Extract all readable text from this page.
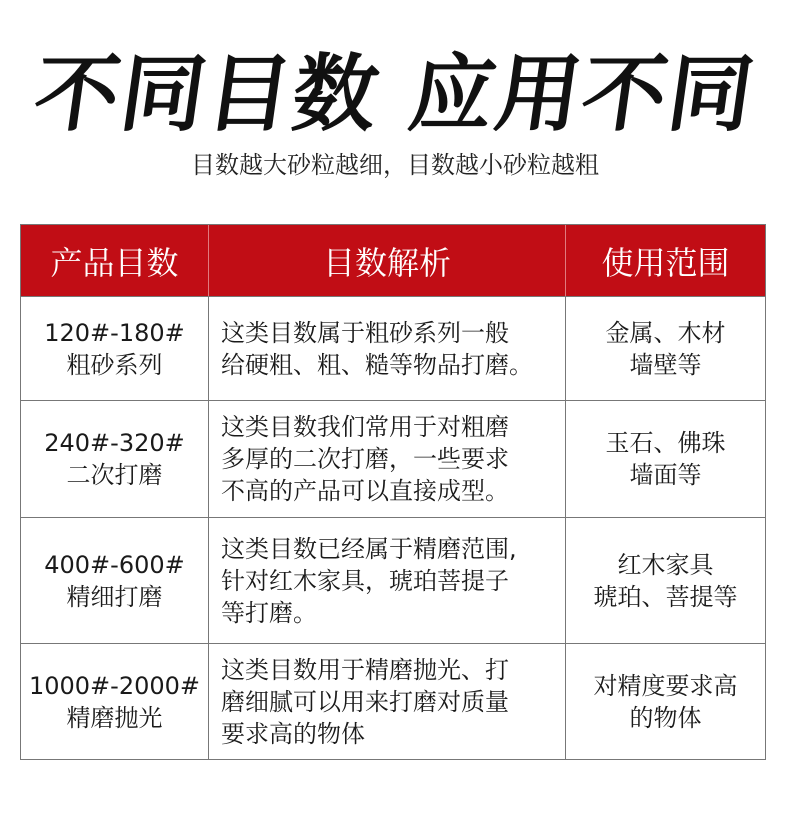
不同目数 应用不同
目数越大砂粒越细，目数越小砂粒越粗
产品目数	目数解析	使用范围
120#-180#
粗砂系列
这类目数属于粗砂系列一般
给硬粗、粗、糙等物品打磨。
金属、木材
墙壁等
240#-320#
二次打磨
这类目数我们常用于对粗磨
多厚的二次打磨，一些要求
不高的产品可以直接成型。
玉石、佛珠
墙面等
400#-600#
精细打磨
这类目数已经属于精磨范围,
针对红木家具，琥珀菩提子
等打磨。
红木家具
琥珀、菩提等
1000#-2000#
精磨抛光
这类目数用于精磨抛光、打
磨细腻可以用来打磨对质量
要求高的物体
对精度要求高
的物体
